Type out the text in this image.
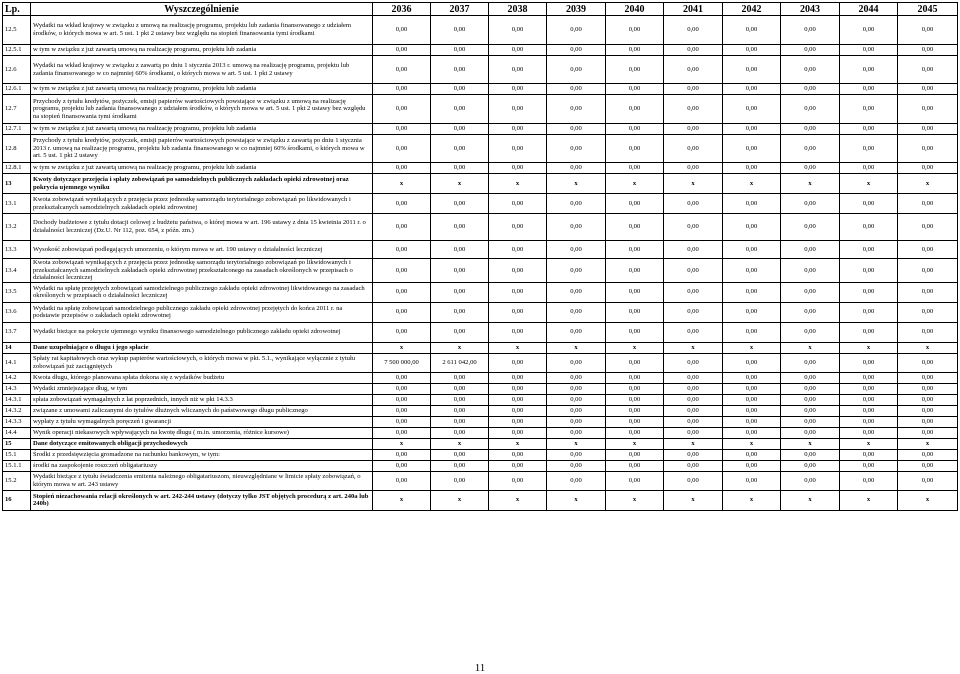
Lp.	Wyszczególnienie	2036	2037	2038	2039	2040	2041	2042	2043	2044	2045
12.5	Wydatki na wkład krajowy w związku z umową na realizację programu, projektu lub zadania finansowanego z udziałem środków, o których mowa w art. 5 ust. 1 pkt 2 ustawy bez względu na stopień finansowania tymi środkami	0,00	0,00	0,00	0,00	0,00	0,00	0,00	0,00	0,00	0,00
12.5.1	w tym w związku z już zawartą umową na realizację programu, projektu lub zadania	0,00	0,00	0,00	0,00	0,00	0,00	0,00	0,00	0,00	0,00
12.6	Wydatki na wkład krajowy w związku z zawartą po dniu 1 stycznia 2013 r. umową na realizację programu, projektu lub zadania finansowanego w co najmniej 60% środkami, o których mowa w art. 5 ust. 1 pkt 2 ustawy	0,00	0,00	0,00	0,00	0,00	0,00	0,00	0,00	0,00	0,00
12.6.1	w tym w związku z już zawartą umową na realizację programu, projektu lub zadania	0,00	0,00	0,00	0,00	0,00	0,00	0,00	0,00	0,00	0,00
12.7	Przychody z tytułu kredytów, pożyczek, emisji papierów wartościowych powstające w związku z umową na realizację programu, projektu lub zadania finansowanego z udziałem środków, o których mowa w art. 5 ust. 1 pkt 2 ustawy bez względu na stopień finansowania tymi środkami	0,00	0,00	0,00	0,00	0,00	0,00	0,00	0,00	0,00	0,00
12.7.1	w tym w związku z już zawartą umową na realizację programu, projektu lub zadania	0,00	0,00	0,00	0,00	0,00	0,00	0,00	0,00	0,00	0,00
12.8	Przychody z tytułu kredytów, pożyczek, emisji papierów wartościowych powstające w związku z zawartą po dniu 1 stycznia 2013 r. umową na realizację programu, projektu lub zadania finansowanego w co najmniej 60% środkami, o których mowa w art. 5 ust. 1 pkt 2 ustawy	0,00	0,00	0,00	0,00	0,00	0,00	0,00	0,00	0,00	0,00
12.8.1	w tym w związku z już zawartą umową na realizację programu, projektu lub zadania	0,00	0,00	0,00	0,00	0,00	0,00	0,00	0,00	0,00	0,00
13	Kwoty dotyczące przejęcia i spłaty zobowiązań po samodzielnych publicznych zakładach opieki zdrowotnej oraz pokrycia ujemnego wyniku	x	x	x	x	x	x	x	x	x	x
13.1	Kwota zobowiązań wynikających z przejęcia przez jednostkę samorządu terytorialnego zobowiązań po likwidowanych i przekształcanych samodzielnych zakładach opieki zdrowotnej	0,00	0,00	0,00	0,00	0,00	0,00	0,00	0,00	0,00	0,00
13.2	Dochody budżetowe z tytułu dotacji celowej z budżetu państwa, o której mowa w art. 196 ustawy z dnia 15 kwietnia 2011 r. o działalności leczniczej (Dz.U. Nr 112, poz. 654, z późn. zm.)	0,00	0,00	0,00	0,00	0,00	0,00	0,00	0,00	0,00	0,00
13.3	Wysokość zobowiązań podlegających umorzeniu, o którym mowa w art. 190 ustawy o działalności leczniczej	0,00	0,00	0,00	0,00	0,00	0,00	0,00	0,00	0,00	0,00
13.4	Kwota zobowiązań wynikających z przejęcia przez jednostkę samorządu terytorialnego zobowiązań po likwidowanych i przekształcanych samodzielnych zakładach opieki zdrowotnej przekształconego na zasadach określonych w przepisach o działalności leczniczej	0,00	0,00	0,00	0,00	0,00	0,00	0,00	0,00	0,00	0,00
13.5	Wydatki na spłatę przejętych zobowiązań samodzielnego publicznego zakładu opieki zdrowotnej likwidowanego na zasadach określonych w przepisach o działalności leczniczej	0,00	0,00	0,00	0,00	0,00	0,00	0,00	0,00	0,00	0,00
13.6	Wydatki na spłatę zobowiązań samodzielnego publicznego zakładu opieki zdrowotnej przejętych do końca 2011 r. na podstawie przepisów o zakładach opieki zdrowotnej	0,00	0,00	0,00	0,00	0,00	0,00	0,00	0,00	0,00	0,00
13.7	Wydatki bieżące na pokrycie ujemnego wyniku finansowego samodzielnego publicznego zakładu opieki zdrowotnej	0,00	0,00	0,00	0,00	0,00	0,00	0,00	0,00	0,00	0,00
14	Dane uzupełniające o długu i jego spłacie	x	x	x	x	x	x	x	x	x	x
14.1	Spłaty rat kapitałowych oraz wykup papierów wartościowych, o których mowa w pkt. 5.1., wynikające wyłącznie z tytułu zobowiązań już zaciągniętych	7 500 000,00	2 611 042,00	0,00	0,00	0,00	0,00	0,00	0,00	0,00	0,00
14.2	Kwota długu, którego planowana spłata dokona się z wydatków budżetu	0,00	0,00	0,00	0,00	0,00	0,00	0,00	0,00	0,00	0,00
14.3	Wydatki zmniejszające dług, w tym	0,00	0,00	0,00	0,00	0,00	0,00	0,00	0,00	0,00	0,00
14.3.1	spłata zobowiązań wymagalnych z lat poprzednich, innych niż w pkt 14.3.3	0,00	0,00	0,00	0,00	0,00	0,00	0,00	0,00	0,00	0,00
14.3.2	związane z umowami zaliczanymi do tytułów dłużnych wliczanych do państwowego długu publicznego	0,00	0,00	0,00	0,00	0,00	0,00	0,00	0,00	0,00	0,00
14.3.3	wypłaty z tytułu wymagalnych poręczeń i gwarancji	0,00	0,00	0,00	0,00	0,00	0,00	0,00	0,00	0,00	0,00
14.4	Wynik operacji niekasowych wpływających na kwotę długu ( m.in. umorzenia, różnice kursowe)	0,00	0,00	0,00	0,00	0,00	0,00	0,00	0,00	0,00	0,00
15	Dane dotyczące emitowanych obligacji przychodowych	x	x	x	x	x	x	x	x	x	x
15.1	Środki z przedsięwzięcia gromadzone na rachunku bankowym, w tym:	0,00	0,00	0,00	0,00	0,00	0,00	0,00	0,00	0,00	0,00
15.1.1	środki na zaspokojenie roszczeń obligatariuszy	0,00	0,00	0,00	0,00	0,00	0,00	0,00	0,00	0,00	0,00
15.2	Wydatki bieżące z tytułu świadczenia emitenta należnego obligatariuszom, nieuwzględniane w limicie spłaty zobowiązań, o którym mowa w art. 243 ustawy	0,00	0,00	0,00	0,00	0,00	0,00	0,00	0,00	0,00	0,00
16	Stopień niezachowania relacji określonych w art. 242-244 ustawy (dotyczy tylko JST objętych procedurą z art. 240a lub 240b)	x	x	x	x	x	x	x	x	x	x
11
